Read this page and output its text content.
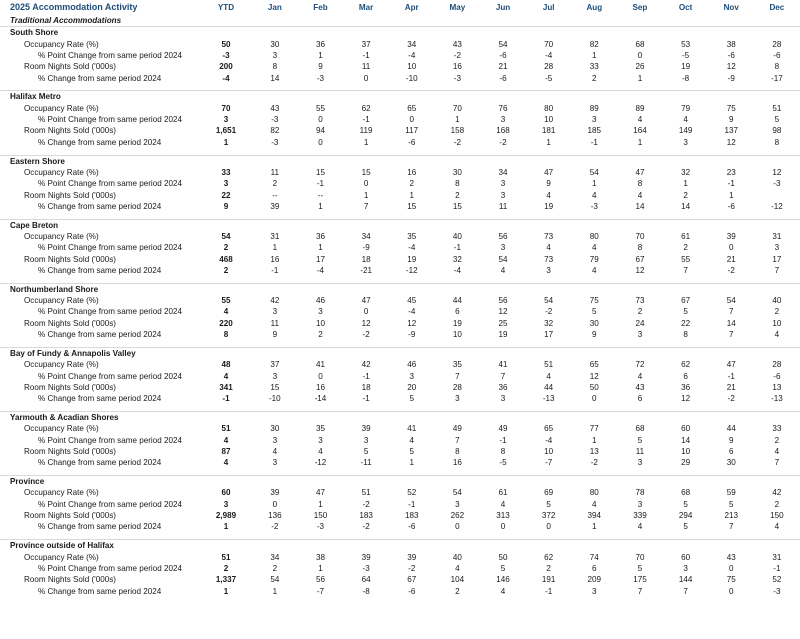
2025 Accommodation Activity	YTD	Jan	Feb	Mar	Apr	May	Jun	Jul	Aug	Sep	Oct	Nov	Dec
Traditional Accommodations
South Shore
Occupancy Rate (%)	50	30	36	37	34	43	54	70	82	68	53	38	28
% Point Change from same period 2024	-3	3	1	-1	-4	-2	-6	-4	1	0	-5	-6	-6
Room Nights Sold ('000s)	200	8	9	11	10	16	21	28	33	26	19	12	8
% Change from same period 2024	-4	14	-3	0	-10	-3	-6	-5	2	1	-8	-9	-17
Halifax Metro
Occupancy Rate (%)	70	43	55	62	65	70	76	80	89	89	79	75	51
% Point Change from same period 2024	3	-3	0	-1	0	1	3	10	3	4	4	9	5
Room Nights Sold ('000s)	1,651	82	94	119	117	158	168	181	185	164	149	137	98
% Change from same period 2024	1	-3	0	1	-6	-2	-2	1	-1	1	3	12	8
Eastern Shore
Occupancy Rate (%)	33	11	15	15	16	30	34	47	54	47	32	23	12
% Point Change from same period 2024	3	2	-1	0	2	8	3	9	1	8	1	-1	-3
Room Nights Sold ('000s)	22	--	--	1	1	2	3	4	4	4	2	1
% Change from same period 2024	9	39	1	7	15	15	11	19	-3	14	14	-6	-12
Cape Breton
Occupancy Rate (%)	54	31	36	34	35	40	56	73	80	70	61	39	31
% Point Change from same period 2024	2	1	1	-9	-4	-1	3	4	4	8	2	0	3
Room Nights Sold ('000s)	468	16	17	18	19	32	54	73	79	67	55	21	17
% Change from same period 2024	2	-1	-4	-21	-12	-4	4	3	4	12	7	-2	7
Northumberland Shore
Occupancy Rate (%)	55	42	46	47	45	44	56	54	75	73	67	54	40
% Point Change from same period 2024	4	3	3	0	-4	6	12	-2	5	2	5	7	2
Room Nights Sold ('000s)	220	11	10	12	12	19	25	32	30	24	22	14	10
% Change from same period 2024	8	9	2	-2	-9	10	19	17	9	3	8	7	4
Bay of Fundy & Annapolis Valley
Occupancy Rate (%)	48	37	41	42	46	35	41	51	65	72	62	47	28
% Point Change from same period 2024	4	3	0	-1	3	7	7	4	12	4	6	-1	-6
Room Nights Sold ('000s)	341	15	16	18	20	28	36	44	50	43	36	21	13
% Change from same period 2024	-1	-10	-14	-1	5	3	3	-13	0	6	12	-2	-13
Yarmouth & Acadian Shores
Occupancy Rate (%)	51	30	35	39	41	49	49	65	77	68	60	44	33
% Point Change from same period 2024	4	3	3	3	4	7	-1	-4	1	5	14	9	2
Room Nights Sold ('000s)	87	4	4	5	5	8	8	10	13	11	10	6	4
% Change from same period 2024	4	3	-12	-11	1	16	-5	-7	-2	3	29	30	7
Province
Occupancy Rate (%)	60	39	47	51	52	54	61	69	80	78	68	59	42
% Point Change from same period 2024	3	0	1	-2	-1	3	4	5	4	3	5	5	2
Room Nights Sold ('000s)	2,989	136	150	183	183	262	313	372	394	339	294	213	150
% Change from same period 2024	1	-2	-3	-2	-6	0	0	0	1	4	5	7	4
Province outside of Halifax
Occupancy Rate (%)	51	34	38	39	39	40	50	62	74	70	60	43	31
% Point Change from same period 2024	2	2	1	-3	-2	4	5	2	6	5	3	0	-1
Room Nights Sold ('000s)	1,337	54	56	64	67	104	146	191	209	175	144	75	52
% Change from same period 2024	1	1	-7	-8	-6	2	4	-1	3	7	7	0	-3
